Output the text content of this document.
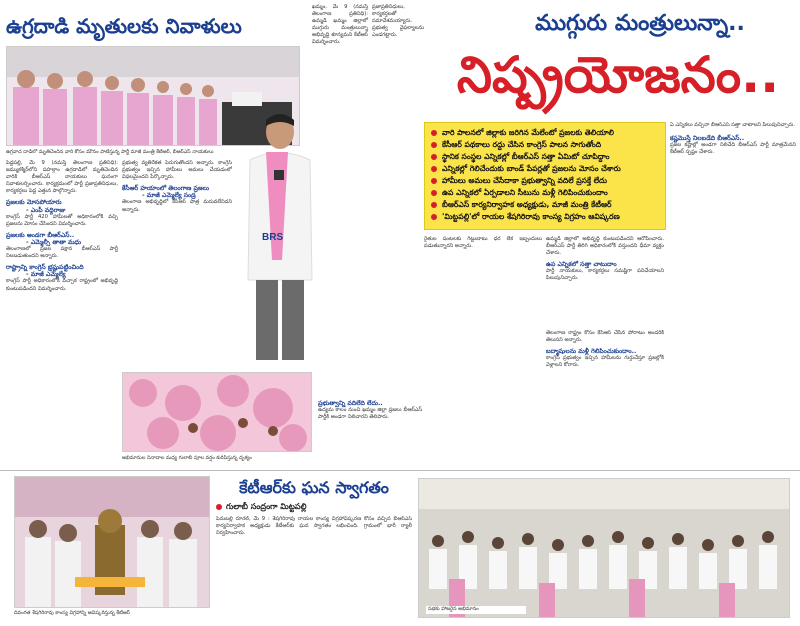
ఉగ్రదాడి మృతులకు నివాళులు
ఉగ్రవాద దాడిలో మృతిచెందిన వారి కోసం మౌనం పాటిస్తున్న పార్టీ మాజీ మంత్రి కేటీఆర్, బీఆర్ఎస్ నాయకులు
పెద్దపల్లి, మే 9 (నమస్తే తెలంగాణ ప్రతినిధి): జమ్ముకశ్మీర్‌లోని పహల్గాం ఉగ్రదాడిలో మృతిచెందిన వారికి బీఆర్ఎస్ నాయకులు ఘనంగా నివాళులర్పించారు. కార్యక్రమంలో పార్టీ ప్రజాప్రతినిధులు, కార్యకర్తలు పెద్ద ఎత్తున పాల్గొన్నారు.
ప్రజలకు మోసపోయారు
- ఎంపీ వద్దిరాజు
కాంగ్రెస్ పార్టీ 420 హామీలతో అధికారంలోకి వచ్చి ప్రజలను మోసం చేసిందని విమర్శించారు.
ప్రజలకు అండగా బీఆర్ఎస్..
- ఎమ్మెల్సీ తాతా మధు
తెలంగాణలో ప్రజల పక్షాన బీఆర్ఎస్ పార్టీ నిలబడుతుందని అన్నారు.
రాష్ట్రాన్ని కాంగ్రెస్ భ్రష్టుపట్టించింది
- మాజీ ఎమ్మెల్యే
కాంగ్రెస్ పార్టీ అధికారంలోకి వచ్చాక రాష్ట్రంలో అభివృద్ధి కుంటుపడిందని విమర్శించారు.
ప్రభుత్వ వ్యతిరేకత పెరుగుతోందని అన్నారు. కాంగ్రెస్ ప్రభుత్వం ఇచ్చిన హామీలు అమలు చేయడంలో విఫలమైందని పేర్కొన్నారు.
కేసీఆర్ హయాంలో తెలంగాణ ప్రజలు
- మాజీ ఎమ్మెల్యే సండ్ర
తెలంగాణ అభివృద్ధిలో కేసీఆర్ పాత్ర మరువలేనిదని అన్నారు.
అభిమానుల నినాదాల మధ్య గులాబీ పూల వర్షం కురిపిస్తున్న దృశ్యం
BRS
ఖమ్మం, మే 9 (నమస్తే తెలంగాణ ప్రతినిధి): ఉమ్మడి ఖమ్మం జిల్లాలో ముగ్గురు మంత్రులున్నా అభివృద్ధి శూన్యమని కేటీఆర్ విమర్శించారు.
ప్రజాప్రతినిధులు, కార్యకర్తలతో సమావేశమయ్యారు. ప్రభుత్వ వైఫల్యాలను ఎండగట్టారు.
ప్రభుత్వాన్ని వదిలేది లేదు..
ఉద్యమ కాలం నుంచి ఖమ్మం జిల్లా ప్రజలు బీఆర్ఎస్ పార్టీకి అండగా నిలిచారని తెలిపారు.
ముగ్గురు మంత్రులున్నా..
నిష్ప్రయోజనం..
వారి పాలనలో జిల్లాకు జరిగిన మేలేంటో ప్రజలకు తెలియాలి
కేసీఆర్ పథకాలు రద్దు చేసిన కాంగ్రెస్ పాలన సాగుతోంది
స్థానిక సంస్థల ఎన్నికల్లో బీఆర్ఎస్ సత్తా ఏమిటో చూపిద్దాం
ఎన్నికల్లో గెలిచేందుకు బాండ్ పేపర్లతో ప్రజలను మోసం చేశారు
హామీలు అమలు చేసేదాకా ప్రభుత్వాన్ని వదిలే ప్రసక్తే లేదు
ఉప ఎన్నికలో ఏర్పడాలని సీటును మళ్లీ గెలిపించుకుందాం
బీఆర్ఎస్ కార్యనిర్వాహక అధ్యక్షుడు, మాజీ మంత్రి కేటీఆర్
'మిట్టపల్లి'లో రాయల శేషగిరిరావు కాంస్య విగ్రహం ఆవిష్కరణ
రైతుల పంటలకు గిట్టుబాటు ధర లేక ఇబ్బందులు పడుతున్నారని అన్నారు.
ఉమ్మడి జిల్లాలో అభివృద్ధి కుంటుపడిందని ఆరోపించారు. బీఆర్ఎస్ పార్టీ తిరిగి అధికారంలోకి వస్తుందని ధీమా వ్యక్తం చేశారు.
ఉప ఎన్నికలో సత్తా చాటుదాం
పార్టీ నాయకులు, కార్యకర్తలు సమష్టిగా పనిచేయాలని పిలుపునిచ్చారు.
తెలంగాణ రాష్ట్రం కోసం కేసీఆర్ చేసిన పోరాటం అందరికీ తెలుసని అన్నారు.
బద్మాషులను మళ్లీ గెలిపించుకుందాం..
కాంగ్రెస్ ప్రభుత్వం ఇచ్చిన హామీలను గుర్తుచేస్తూ ప్రజల్లోకి వెళ్లాలని కోరారు.
ఏ ఎన్నికలు వచ్చినా బీఆర్ఎస్ సత్తా చాటాలని పిలుపునిచ్చారు.
కష్టమొస్తే నిలబడేది బీఆర్ఎస్..
ప్రజల కష్టాల్లో అండగా నిలిచేది బీఆర్ఎస్ పార్టీ మాత్రమేనని కేటీఆర్ స్పష్టం చేశారు.
దివంగత శేషగిరిరావు కాంస్య విగ్రహాన్ని ఆవిష్కరిస్తున్న కేటీఆర్
కేటీఆర్‌కు ఘన స్వాగతం
గులాబీ సంద్రంగా మిట్టపల్లి
పెనుబల్లి రూరల్, మే 9 : శేషగిరిరావు రాయల కాంస్య విగ్రహావిష్కరణ కోసం వచ్చిన బీఆర్ఎస్ కార్యనిర్వాహక అధ్యక్షుడు కేటీఆర్‌కు ఘన స్వాగతం లభించింది. గ్రామంలో భారీ ర్యాలీ నిర్వహించారు.
సభకు హాజరైన అభిమానం
